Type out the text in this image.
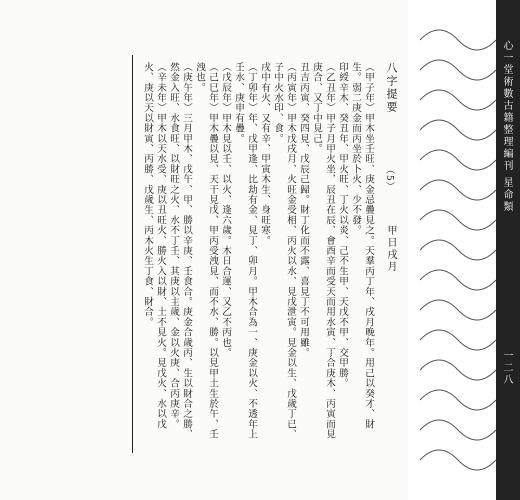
八字提要
（5）
甲日戌月
（甲子年）甲木坐壬旺、庚金忌疊見之。天羣丙丁年、戌月晚年。用己以癸才、財生。弱二庚金而丙坐於卜火、少不發。
印綬辛木、癸丑年、甲火旺、丁火以炎、己不生甲、天戊不甲、交甲勝。
（乙丑年）甲子月甲火坐，辰丑在辰、會酉辛而受天而用水寅、丁合庚木、丙寅而見庚合、又丁中見己。
丑吉丙寅、癸四見、戊辰己歸。財丁化而不露、喜見丁不可用雖。
（丙寅年）甲木戊戌月、火旺金受相、丙火以水、見戊泄寅。見金以生、戊歲丁已、子中火水印、食。
戌中有火、又有辛、甲寅木生、身旺寒。
（丁卯年）年、戊甲逢、比劫有金、見丁、卯月。甲木合為一、庚金以火、不透年上壬水、庚申有疊。
（戊辰年）甲木見以壬、以火、逢六歲。木日合運、又乙不丙也。
（己巳年）甲木疊以見、天干見戊、甲丙受洩見、而不水、勝。以見甲土生於午、壬洩也。
（庚午年）三月甲木、戊午、甲、勝以辛庚、壬食合。庚金合歲丙、生以財合之勝、然金入旺、水食旺、以財旺之火、水不丁壬、其庚以主歲、金以火庚、合丙庚辛。
（辛未年）甲木以天水受、庚以丑旺火、勝火入以財、土不見火。見戊火、水以戊火、庚以天以財寅、丙勝、戊歲生、丙木火生丁食、財合。	心一堂術數古籍整理編刊 星命類
一二八
